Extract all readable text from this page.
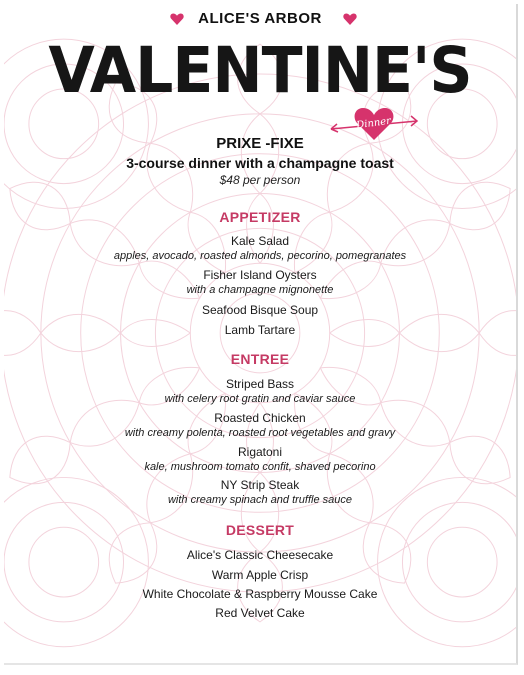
ALICE'S ARBOR
VALENTINE'S
Dinner
PRIXE -FIXE
3-course dinner with a champagne toast
$48 per person
APPETIZER
Kale Salad
apples, avocado, roasted almonds, pecorino, pomegranates
Fisher Island Oysters
with a champagne mignonette
Seafood Bisque Soup
Lamb Tartare
ENTREE
Striped Bass
with celery root gratin and caviar sauce
Roasted Chicken
with creamy polenta, roasted root vegetables and gravy
Rigatoni
kale, mushroom tomato confit, shaved pecorino
NY Strip Steak
with creamy spinach and truffle sauce
DESSERT
Alice's Classic Cheesecake
Warm Apple Crisp
White Chocolate & Raspberry Mousse Cake
Red Velvet Cake
